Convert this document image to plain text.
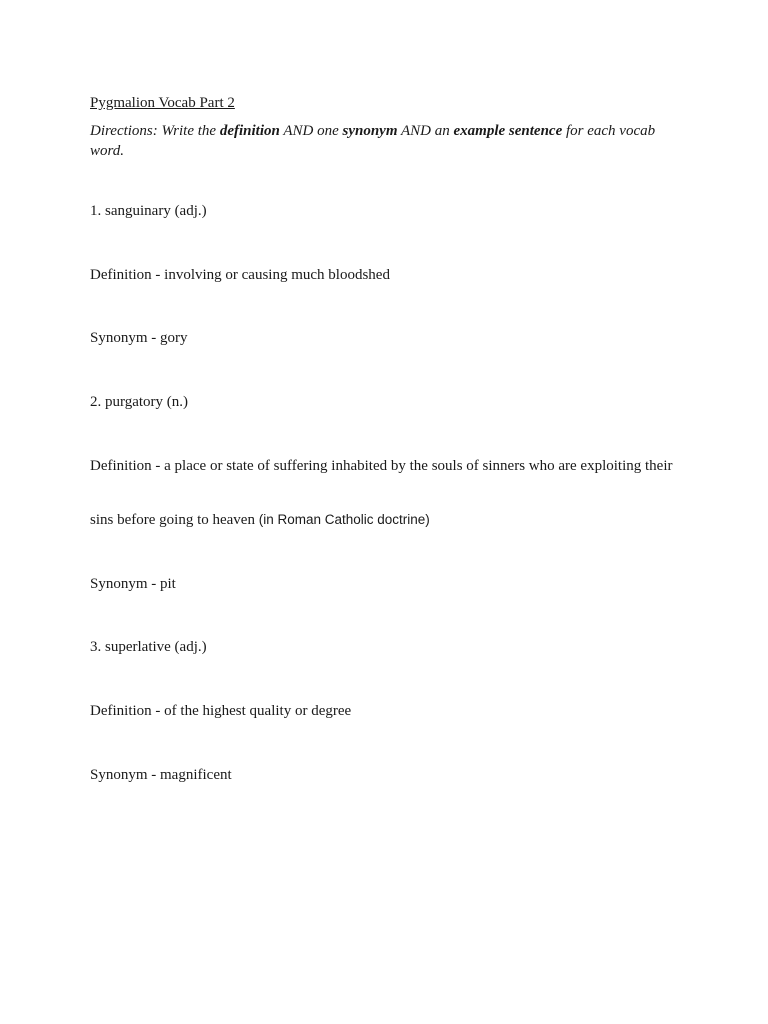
Pygmalion Vocab Part 2
Directions: Write the definition AND one synonym AND an example sentence for each vocab word.
1. sanguinary (adj.)
Definition - involving or causing much bloodshed
Synonym - gory
2. purgatory (n.)
Definition - a place or state of suffering inhabited by the souls of sinners who are exploiting their
sins before going to heaven (in Roman Catholic doctrine)
Synonym - pit
3. superlative (adj.)
Definition - of the highest quality or degree
Synonym - magnificent
